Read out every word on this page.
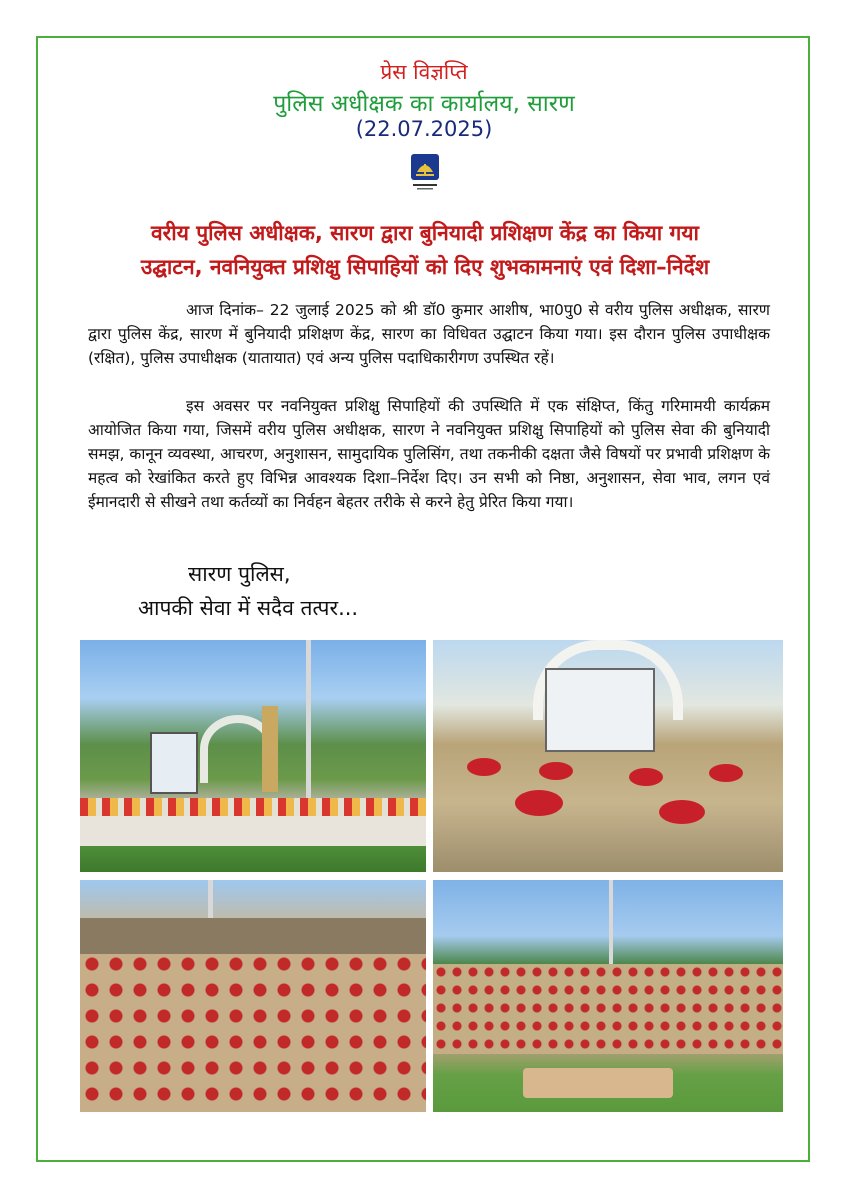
प्रेस विज्ञप्ति
पुलिस अधीक्षक का कार्यालय, सारण
(22.07.2025)
वरीय पुलिस अधीक्षक, सारण द्वारा बुनियादी प्रशिक्षण केंद्र का किया गया
उद्घाटन, नवनियुक्त प्रशिक्षु सिपाहियों को दिए शुभकामनाएं एवं दिशा–निर्देश

आज दिनांक– 22 जुलाई 2025 को श्री डॉ0 कुमार आशीष, भा0पु0 से वरीय पुलिस अधीक्षक, सारण द्वारा पुलिस केंद्र, सारण में बुनियादी प्रशिक्षण केंद्र, सारण का विधिवत उद्घाटन किया गया। इस दौरान पुलिस उपाधीक्षक (रक्षित), पुलिस उपाधीक्षक (यातायात) एवं अन्य पुलिस पदाधिकारीगण उपस्थित रहें।

इस अवसर पर नवनियुक्त प्रशिक्षु सिपाहियों की उपस्थिति में एक संक्षिप्त, किंतु गरिमामयी कार्यक्रम आयोजित किया गया, जिसमें वरीय पुलिस अधीक्षक, सारण ने नवनियुक्त प्रशिक्षु सिपाहियों को पुलिस सेवा की बुनियादी समझ, कानून व्यवस्था, आचरण, अनुशासन, सामुदायिक पुलिसिंग, तथा तकनीकी दक्षता जैसे विषयों पर प्रभावी प्रशिक्षण के महत्व को रेखांकित करते हुए विभिन्न आवश्यक दिशा–निर्देश दिए। उन सभी को निष्ठा, अनुशासन, सेवा भाव, लगन एवं ईमानदारी से सीखने तथा कर्तव्यों का निर्वहन बेहतर तरीके से करने हेतु प्रेरित किया गया।

सारण पुलिस,
आपकी सेवा में सदैव तत्पर...
